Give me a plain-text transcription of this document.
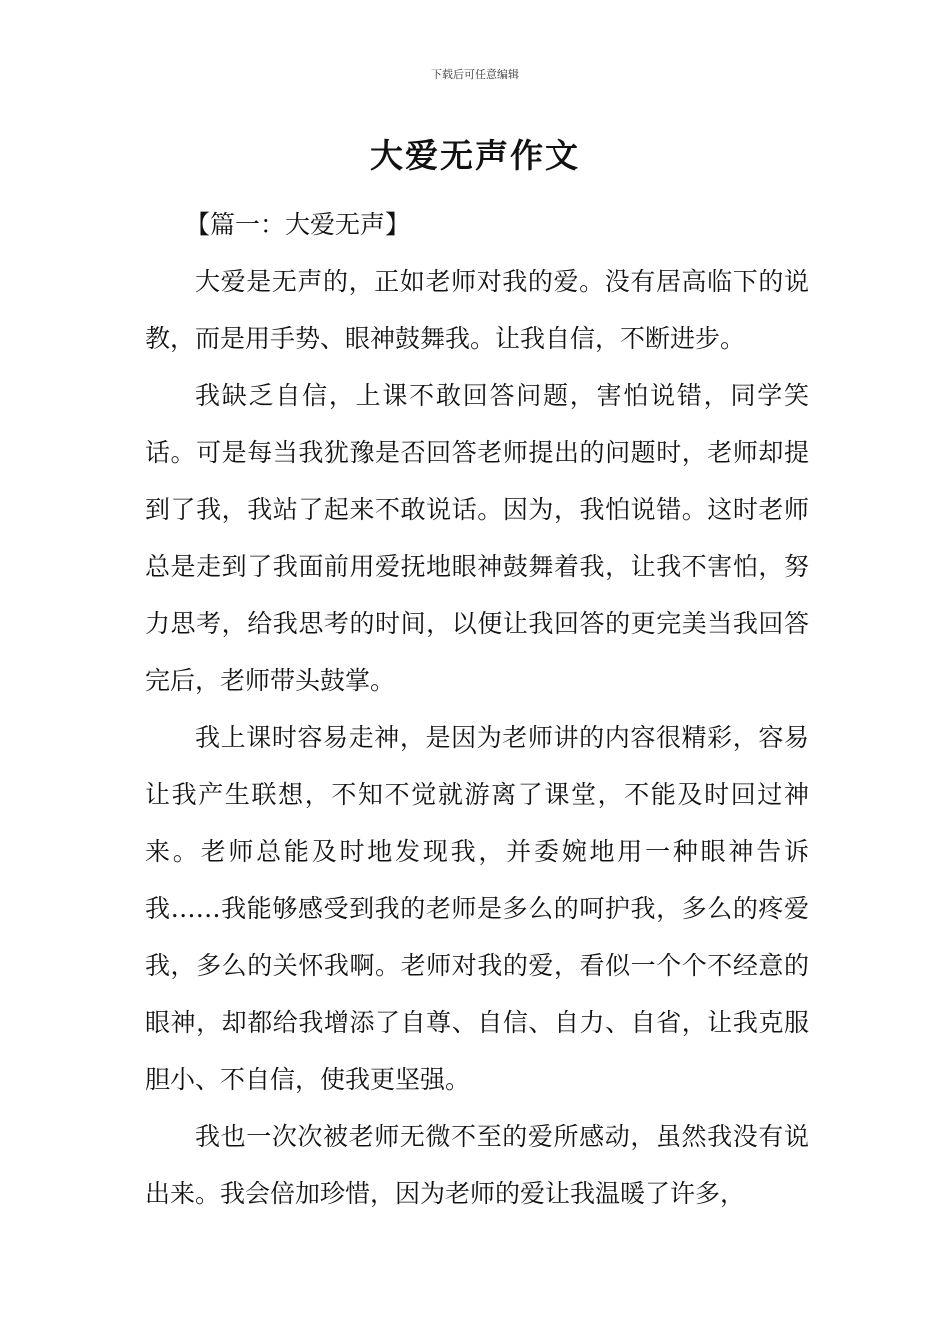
下载后可任意编辑
大爱无声作文
【篇一：大爱无声】

大爱是无声的，正如老师对我的爱。没有居高临下的说教，而是用手势、眼神鼓舞我。让我自信，不断进步。

我缺乏自信，上课不敢回答问题，害怕说错，同学笑话。可是每当我犹豫是否回答老师提出的问题时，老师却提到了我，我站了起来不敢说话。因为，我怕说错。这时老师总是走到了我面前用爱抚地眼神鼓舞着我，让我不害怕，努力思考，给我思考的时间，以便让我回答的更完美当我回答完后，老师带头鼓掌。

我上课时容易走神，是因为老师讲的内容很精彩，容易让我产生联想，不知不觉就游离了课堂，不能及时回过神来。老师总能及时地发现我，并委婉地用一种眼神告诉我……我能够感受到我的老师是多么的呵护我，多么的疼爱我，多么的关怀我啊。老师对我的爱，看似一个个不经意的眼神，却都给我增添了自尊、自信、自力、自省，让我克服胆小、不自信，使我更坚强。

我也一次次被老师无微不至的爱所感动，虽然我没有说出来。我会倍加珍惜，因为老师的爱让我温暖了许多，
